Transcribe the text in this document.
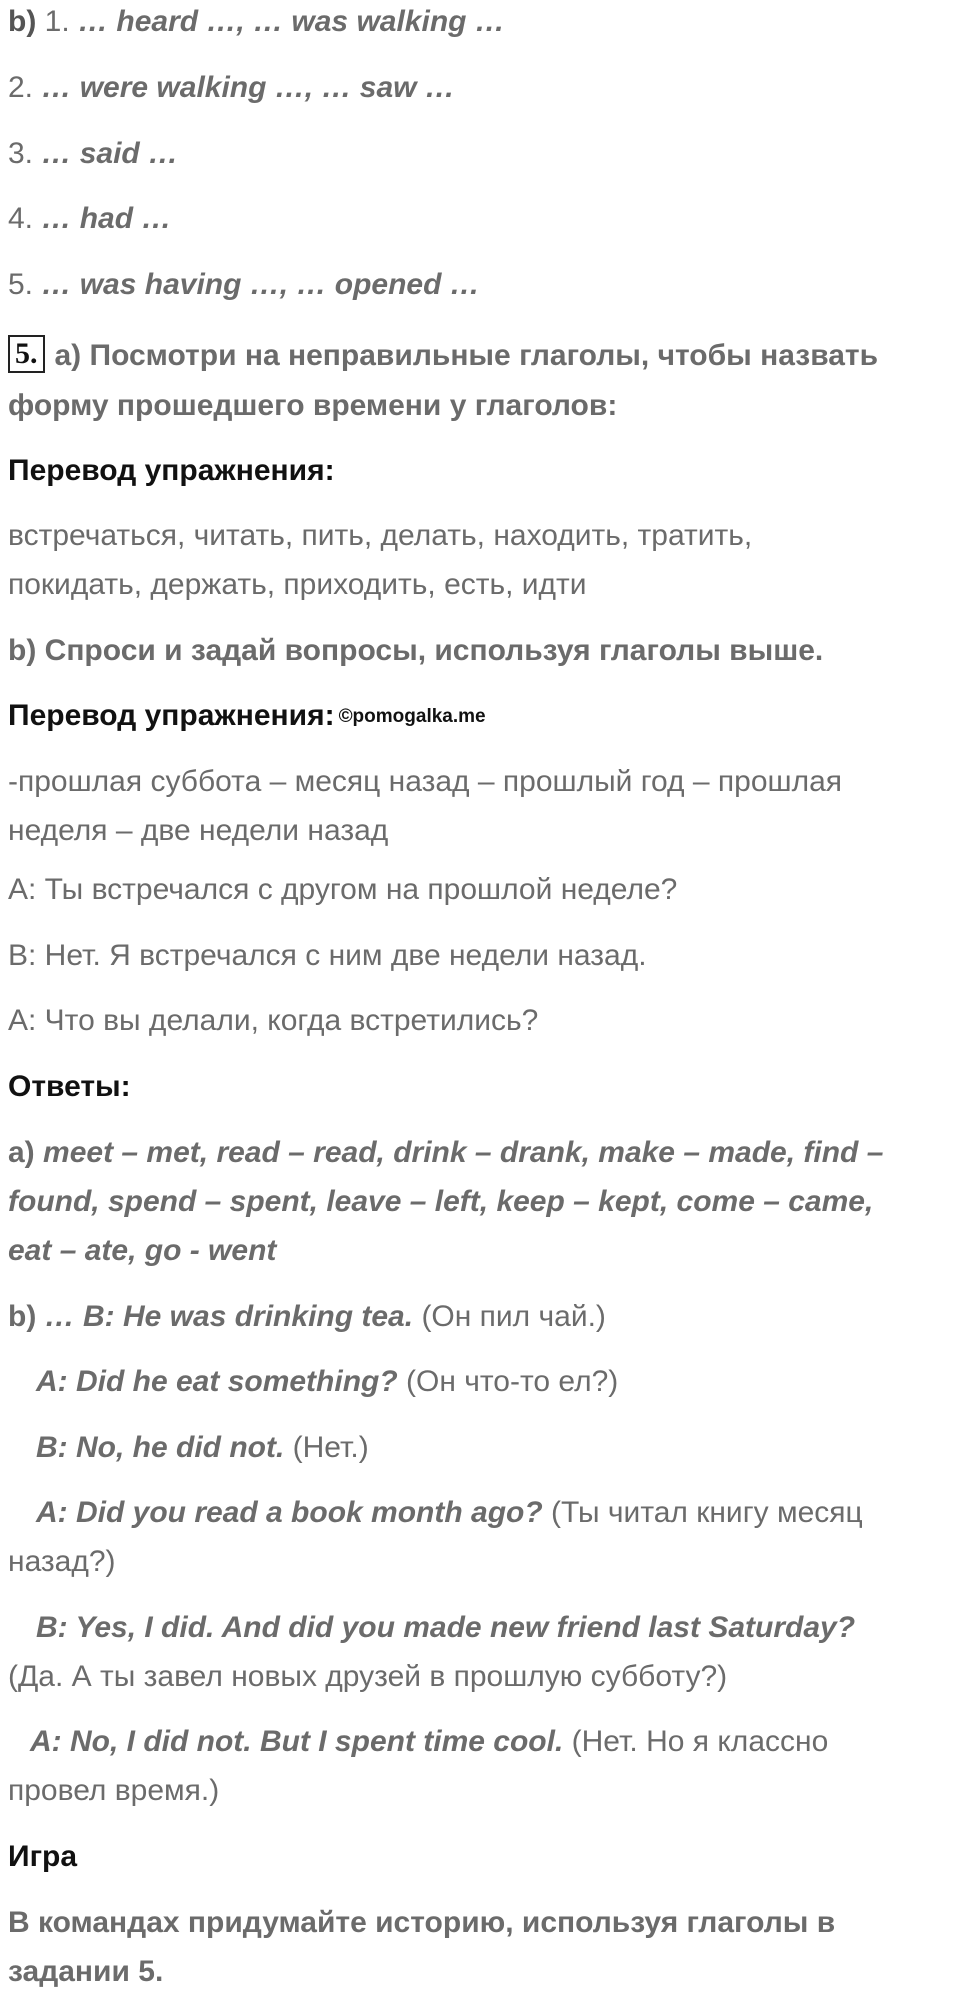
b) 1. … heard …, … was walking …

2. … were walking …, … saw …

3. … said …

4. … had …

5. … was having …, … opened …

5. a) Посмотри на неправильные глаголы, чтобы назвать

форму прошедшего времени у глаголов:

Перевод упражнения:

встречаться, читать, пить, делать, находить, тратить,

покидать, держать, приходить, есть, идти

b) Спроси и задай вопросы, используя глаголы выше.

Перевод упражнения: ©pomogalka.me

-прошлая суббота – месяц назад – прошлый год – прошлая

неделя – две недели назад

А: Ты встречался с другом на прошлой неделе?

В: Нет. Я встречался с ним две недели назад.

А: Что вы делали, когда встретились?

Ответы:

a) meet – met, read – read, drink – drank, make – made, find –

found, spend – spent, leave – left, keep – kept, come – came,

eat – ate, go - went

b) … B: He was drinking tea. (Он пил чай.)

A: Did he eat something? (Он что-то ел?)

B: No, he did not. (Нет.)

A: Did you read a book month ago? (Ты читал книгу месяц

назад?)

B: Yes, I did. And did you made new friend last Saturday?

(Да. А ты завел новых друзей в прошлую субботу?)

A: No, I did not. But I spent time cool. (Нет. Но я классно

провел время.)

Игра

В командах придумайте историю, используя глаголы в

задании 5.
